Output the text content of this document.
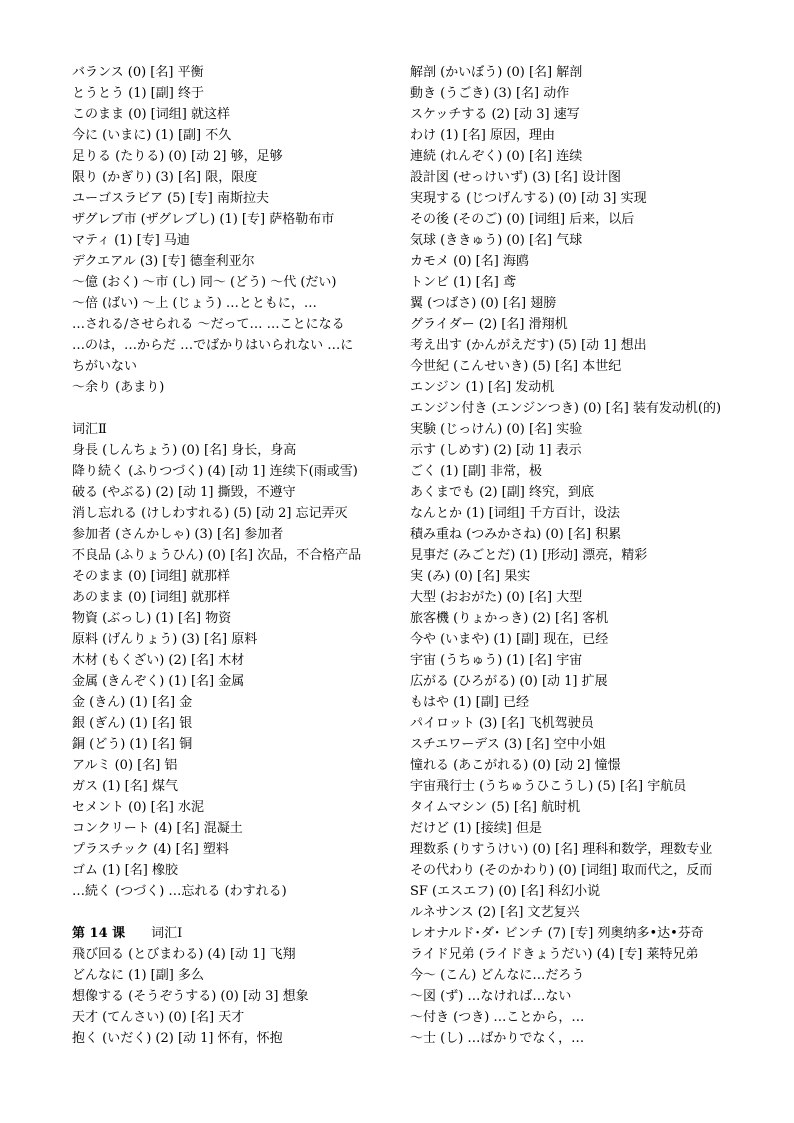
バランス (0) [名] 平衡
とうとう (1) [副] 终于
このまま (0) [词组] 就这样
今に (いまに) (1) [副] 不久
足りる (たりる) (0) [动 2] 够，足够
限り (かぎり) (3) [名] 限，限度
ユーゴスラビア (5) [专] 南斯拉夫
ザグレブ市 (ザグレブし) (1) [专] 萨格勒布市
マティ (1) [专] 马迪
デクエアル (3) [专] 德奎利亚尔
～億 (おく) ～市 (し) 同～ (どう) ～代 (だい)
～倍 (ばい) ～上 (じょう) …とともに，…
…される/させられる ～だって… …ことになる
…のは，…からだ …でばかりはいられない …に
ちがいない
～余り (あまり)
词汇Ⅱ
身長 (しんちょう) (0) [名] 身长，身高
降り続く (ふりつづく) (4) [动 1] 连续下(雨或雪)
破る (やぶる) (2) [动 1] 撕毁，不遵守
消し忘れる (けしわすれる) (5) [动 2] 忘记弄灭
参加者 (さんかしゃ) (3) [名] 参加者
不良品 (ふりょうひん) (0) [名] 次品，不合格产品
そのまま (0) [词组] 就那样
あのまま (0) [词组] 就那样
物資 (ぶっし) (1) [名] 物资
原料 (げんりょう) (3) [名] 原料
木材 (もくざい) (2) [名] 木材
金属 (きんぞく) (1) [名] 金属
金 (きん) (1) [名] 金
銀 (ぎん) (1) [名] 银
銅 (どう) (1) [名] 铜
アルミ (0) [名] 铝
ガス (1) [名] 煤气
セメント (0) [名] 水泥
コンクリート (4) [名] 混凝土
プラスチック (4) [名] 塑料
ゴム (1) [名] 橡胶
…続く (つづく) …忘れる (わすれる)
第 14 课 词汇Ⅰ
飛び回る (とびまわる) (4) [动 1] 飞翔
どんなに (1) [副] 多么
想像する (そうぞうする) (0) [动 3] 想象
天才 (てんさい) (0) [名] 天才
抱く (いだく) (2) [动 1] 怀有，怀抱
解剖 (かいぼう) (0) [名] 解剖
動き (うごき) (3) [名] 动作
スケッチする (2) [动 3] 速写
わけ (1) [名] 原因，理由
連続 (れんぞく) (0) [名] 连续
設計図 (せっけいず) (3) [名] 设计图
実現する (じつげんする) (0) [动 3] 实现
その後 (そのご) (0) [词组] 后来，以后
気球 (ききゅう) (0) [名] 气球
カモメ (0) [名] 海鸥
トンビ (1) [名] 鸢
翼 (つばさ) (0) [名] 翅膀
グライダー (2) [名] 滑翔机
考え出す (かんがえだす) (5) [动 1] 想出
今世紀 (こんせいき) (5) [名] 本世纪
エンジン (1) [名] 发动机
エンジン付き (エンジンつき) (0) [名] 装有发动机(的)
実験 (じっけん) (0) [名] 实验
示す (しめす) (2) [动 1] 表示
ごく (1) [副] 非常，极
あくまでも (2) [副] 终究，到底
なんとか (1) [词组] 千方百计，设法
積み重ね (つみかさね) (0) [名] 积累
見事だ (みごとだ) (1) [形动] 漂亮，精彩
実 (み) (0) [名] 果实
大型 (おおがた) (0) [名] 大型
旅客機 (りょかっき) (2) [名] 客机
今や (いまや) (1) [副] 现在，已经
宇宙 (うちゅう) (1) [名] 宇宙
広がる (ひろがる) (0) [动 1] 扩展
もはや (1) [副] 已经
パイロット (3) [名] 飞机驾驶员
スチエワーデス (3) [名] 空中小姐
憧れる (あこがれる) (0) [动 2] 憧憬
宇宙飛行士 (うちゅうひこうし) (5) [名] 宇航员
タイムマシン (5) [名] 航时机
だけど (1) [接续] 但是
理数系 (りすうけい) (0) [名] 理科和数学，理数专业
その代わり (そのかわり) (0) [词组] 取而代之，反而
SF (エスエフ) (0) [名] 科幻小说
ルネサンス (2) [名] 文艺复兴
レオナルド･ダ･ ビンチ (7) [专] 列奥纳多•达•芬奇
ライド兄弟 (ライドきょうだい) (4) [专] 莱特兄弟
今～ (こん) どんなに…だろう
～図 (ず) …なければ…ない
～付き (つき) …ことから，…
～士 (し) …ばかりでなく，…
